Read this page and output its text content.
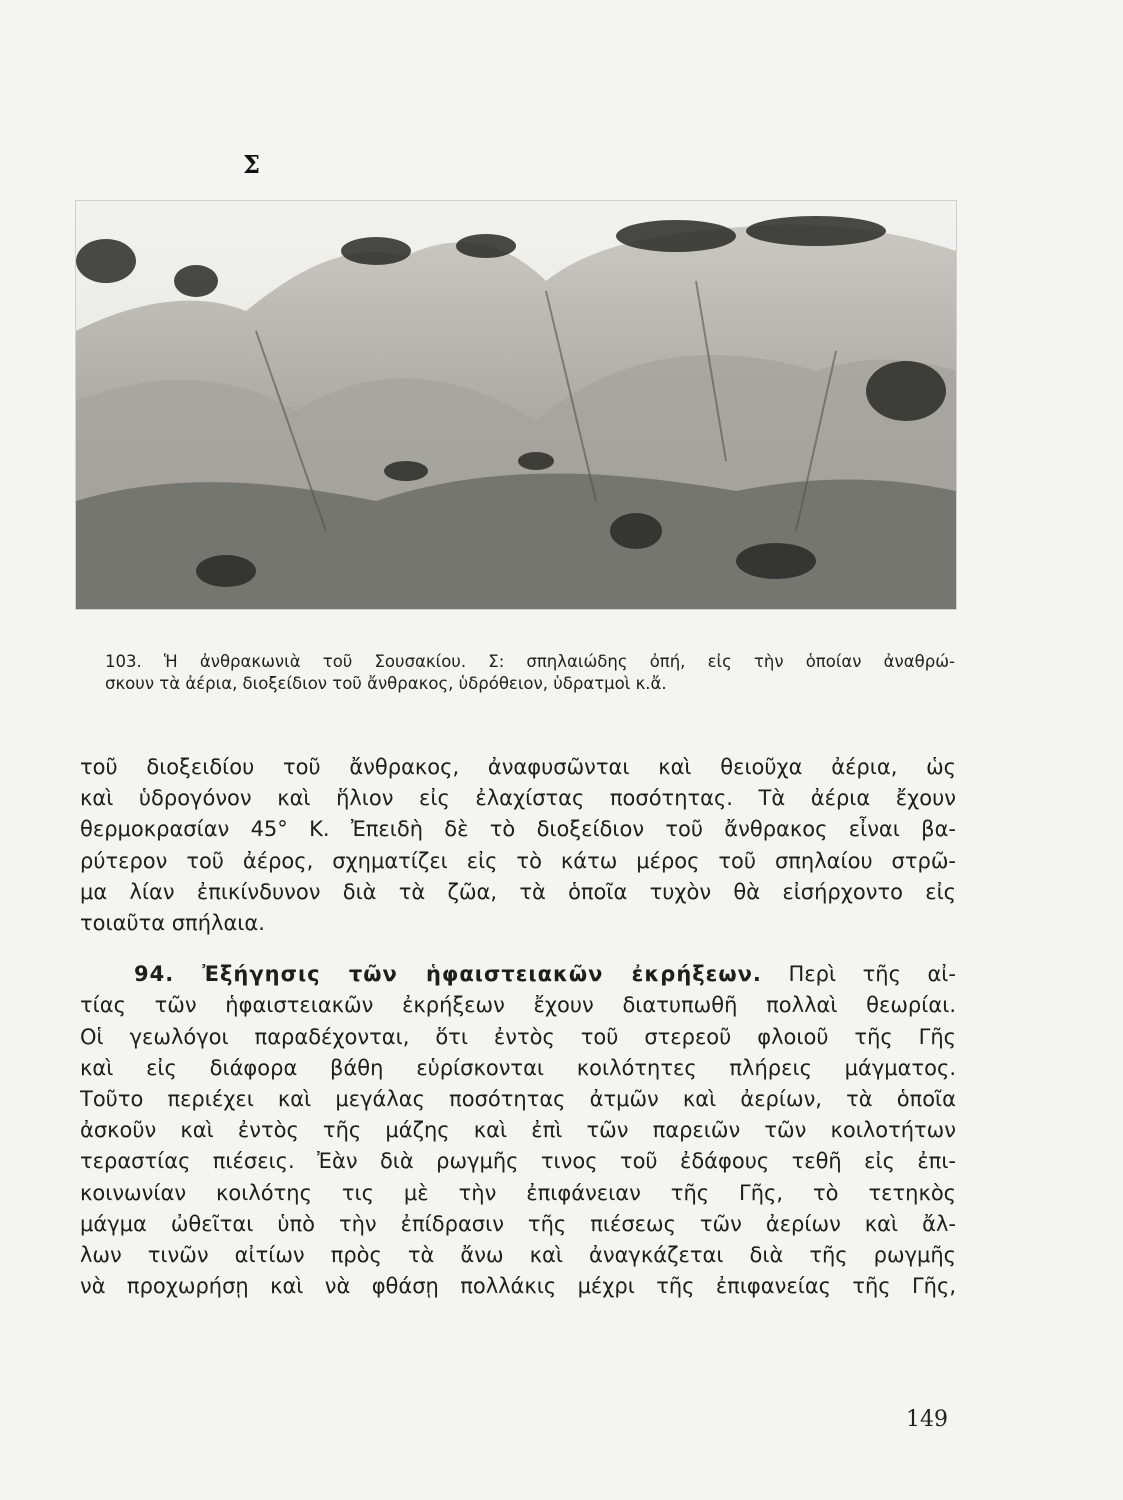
Σ
103. Ἡ ἀνθρακωνιὰ τοῦ Σουσακίου. Σ: σπηλαιώδης ὀπή, εἰς τὴν ὁποίαν ἀναθρώ-
σκουν τὰ ἀέρια, διοξείδιον τοῦ ἄνθρακος, ὑδρόθειον, ὑδρατμοὶ κ.ἄ.
τοῦ διοξειδίου τοῦ ἄνθρακος, ἀναφυσῶνται καὶ θειοῦχα ἀέρια, ὡς
καὶ ὑδρογόνον καὶ ἥλιον εἰς ἐλαχίστας ποσότητας. Τὰ ἀέρια ἔχουν
θερμοκρασίαν 45° Κ. Ἐπειδὴ δὲ τὸ διοξείδιον τοῦ ἄνθρακος εἶναι βα-
ρύτερον τοῦ ἀέρος, σχηματίζει εἰς τὸ κάτω μέρος τοῦ σπηλαίου στρῶ-
μα λίαν ἐπικίνδυνον διὰ τὰ ζῶα, τὰ ὁποῖα τυχὸν θὰ εἰσήρχοντο εἰς
τοιαῦτα σπήλαια.
94. Ἐξήγησις τῶν ἡφαιστειακῶν ἐκρήξεων. Περὶ τῆς αἰ-
τίας τῶν ἡφαιστειακῶν ἐκρήξεων ἔχουν διατυπωθῆ πολλαὶ θεωρίαι.
Οἱ γεωλόγοι παραδέχονται, ὅτι ἐντὸς τοῦ στερεοῦ φλοιοῦ τῆς Γῆς
καὶ εἰς διάφορα βάθη εὑρίσκονται κοιλότητες πλήρεις μάγματος.
Τοῦτο περιέχει καὶ μεγάλας ποσότητας ἀτμῶν καὶ ἀερίων, τὰ ὁποῖα
ἀσκοῦν καὶ ἐντὸς τῆς μάζης καὶ ἐπὶ τῶν παρειῶν τῶν κοιλοτήτων
τεραστίας πιέσεις. Ἐὰν διὰ ρωγμῆς τινος τοῦ ἐδάφους τεθῆ εἰς ἐπι-
κοινωνίαν κοιλότης τις μὲ τὴν ἐπιφάνειαν τῆς Γῆς, τὸ τετηκὸς
μάγμα ὠθεῖται ὑπὸ τὴν ἐπίδρασιν τῆς πιέσεως τῶν ἀερίων καὶ ἄλ-
λων τινῶν αἰτίων πρὸς τὰ ἄνω καὶ ἀναγκάζεται διὰ τῆς ρωγμῆς
νὰ προχωρήσῃ καὶ νὰ φθάσῃ πολλάκις μέχρι τῆς ἐπιφανείας τῆς Γῆς,
149
